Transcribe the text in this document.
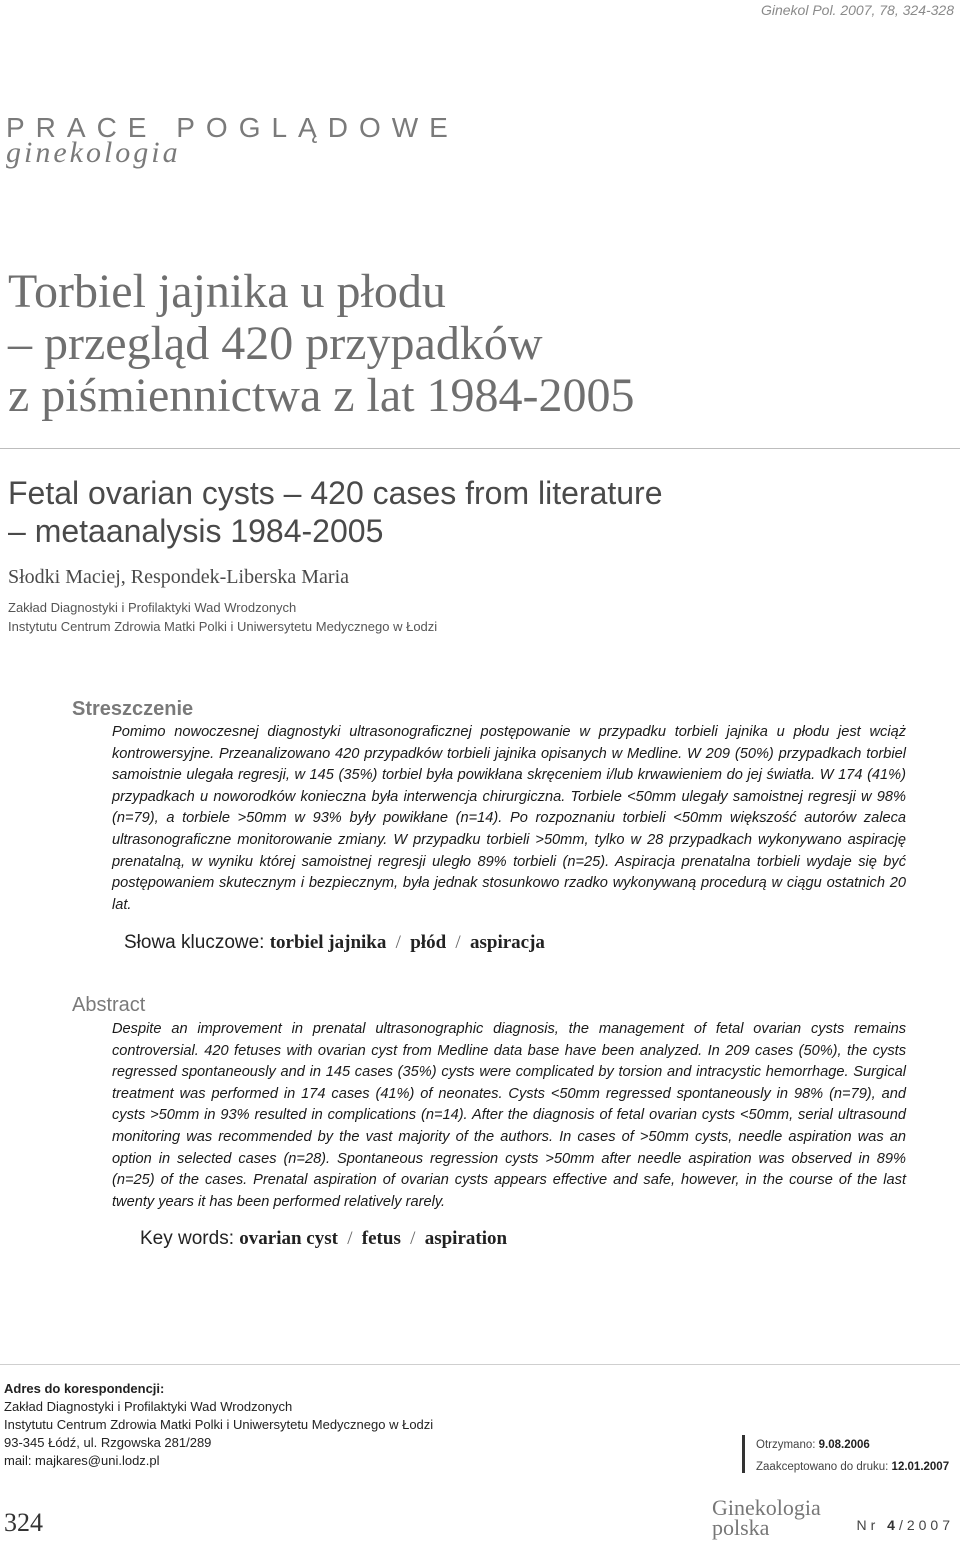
Ginekol Pol. 2007, 78, 324-328
PRACE POGLĄDOWE
ginekologia
Torbiel jajnika u płodu
– przegląd 420 przypadków
z piśmiennictwa z lat 1984-2005
Fetal ovarian cysts – 420 cases from literature
– metaanalysis 1984-2005
Słodki Maciej, Respondek-Liberska Maria
Zakład Diagnostyki i Profilaktyki Wad Wrodzonych
Instytutu Centrum Zdrowia Matki Polki i Uniwersytetu Medycznego w Łodzi
Streszczenie

Pomimo nowoczesnej diagnostyki ultrasonograficznej postępowanie w przypadku torbieli jajnika u płodu jest wciąż kontrowersyjne. Przeanalizowano 420 przypadków torbieli jajnika opisanych w Medline. W 209 (50%) przypadkach torbiel samoistnie ulegała regresji, w 145 (35%) torbiel była powikłana skręceniem i/lub krwawieniem do jej światła. W 174 (41%) przypadkach u noworodków konieczna była interwencja chirurgiczna. Torbiele <50mm ulegały samoistnej regresji w 98% (n=79), a torbiele >50mm w 93% były powikłane (n=14). Po rozpoznaniu torbieli <50mm większość autorów zaleca ultrasonograficzne monitorowanie zmiany. W przypadku torbieli >50mm, tylko w 28 przypadkach wykonywano aspirację prenatalną, w wyniku której samoistnej regresji uległo 89% torbieli (n=25). Aspiracja prenatalna torbieli wydaje się być postępowaniem skutecznym i bezpiecznym, była jednak stosunkowo rzadko wykonywaną procedurą w ciągu ostatnich 20 lat.

Słowa kluczowe: torbiel jajnika / płód / aspiracja
Abstract

Despite an improvement in prenatal ultrasonographic diagnosis, the management of fetal ovarian cysts remains controversial. 420 fetuses with ovarian cyst from Medline data base have been analyzed. In 209 cases (50%), the cysts regressed spontaneously and in 145 cases (35%) cysts were complicated by torsion and intracystic hemorrhage. Surgical treatment was performed in 174 cases (41%) of neonates. Cysts <50mm regressed spontaneously in 98% (n=79), and cysts >50mm in 93% resulted in complications (n=14). After the diagnosis of fetal ovarian cysts <50mm, serial ultrasound monitoring was recommended by the vast majority of the authors. In cases of >50mm cysts, needle aspiration was an option in selected cases (n=28). Spontaneous regression cysts >50mm after needle aspiration was observed in 89% (n=25) of the cases. Prenatal aspiration of ovarian cysts appears effective and safe, however, in the course of the last twenty years it has been performed relatively rarely.

Key words: ovarian cyst / fetus / aspiration
Adres do korespondencji:
Zakład Diagnostyki i Profilaktyki Wad Wrodzonych
Instytutu Centrum Zdrowia Matki Polki i Uniwersytetu Medycznego w Łodzi
93-345 Łódź, ul. Rzgowska 281/289
mail: majkares@uni.lodz.pl
Otrzymano: 9.08.2006
Zaakceptowano do druku: 12.01.2007
324
Ginekologia
polska	Nr 4/2007
